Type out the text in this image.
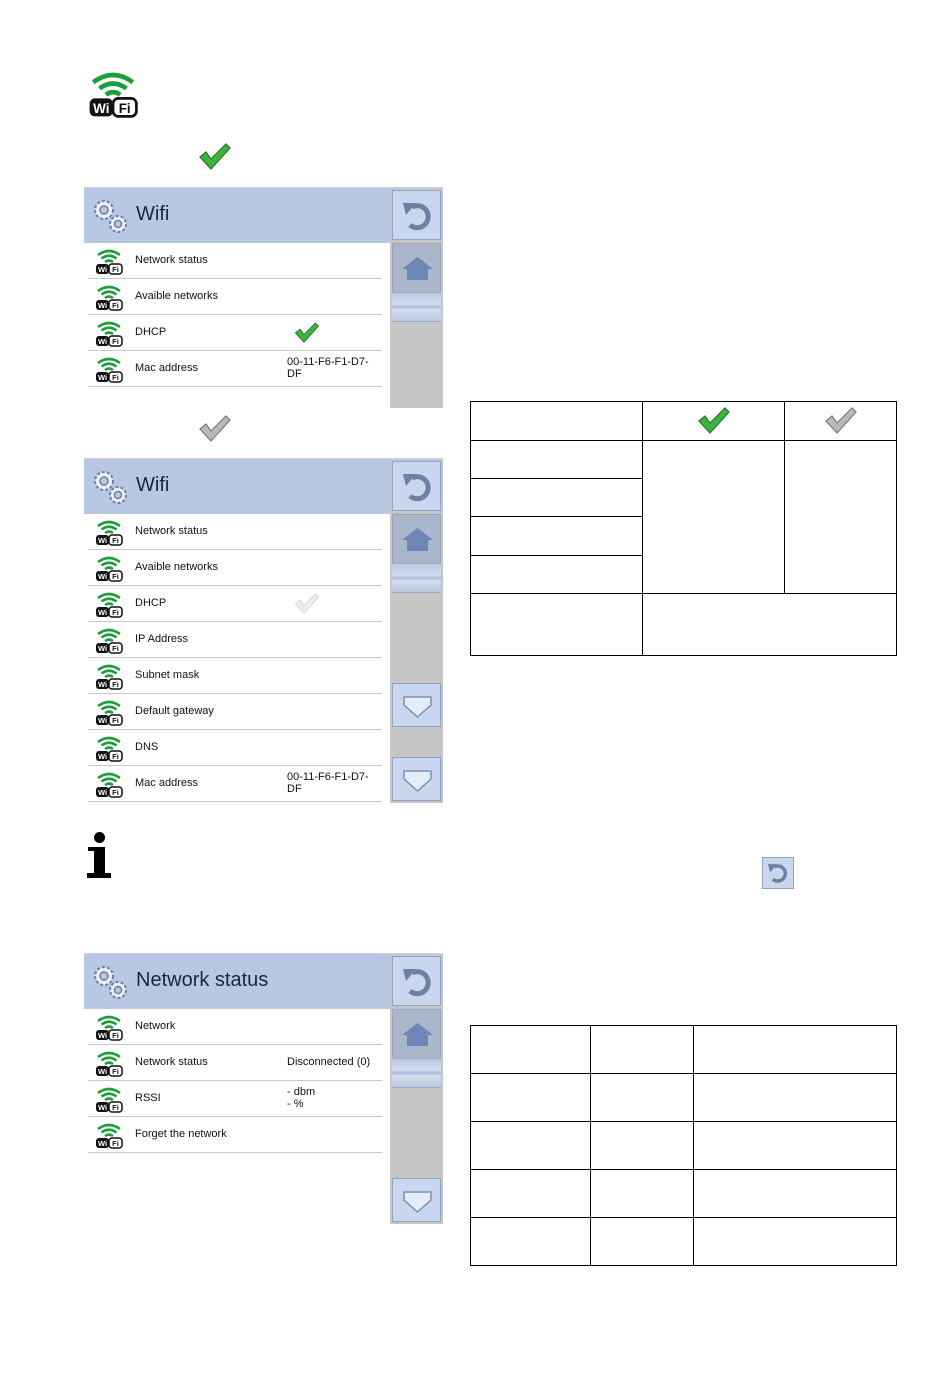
Wifi
Network status
Avaible networks
DHCP
Mac address	00-11-F6-F1-D7-
DF
Wifi
Network status
Avaible networks
DHCP
IP Address
Subnet mask
Default gateway
DNS
Mac address	00-11-F6-F1-D7-
DF

Network status
Network
Network status	Disconnected (0)
RSSI	- dbm
- %
Forget the network
